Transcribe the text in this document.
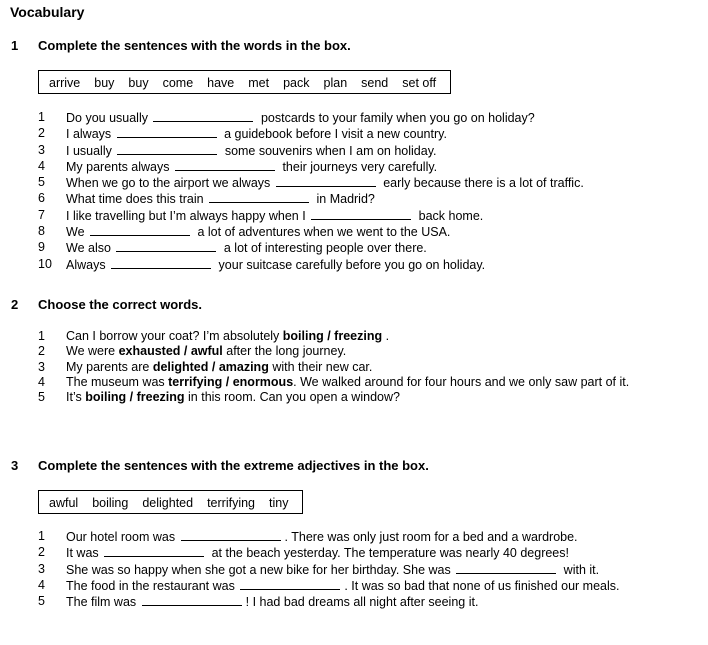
Vocabulary
1 Complete the sentences with the words in the box.
arrive buy buy come have met pack plan send set off
1	Do you usually	postcards to your family when you go on holiday?
2	I always	a guidebook before I visit a new country.
3	I usually	some souvenirs when I am on holiday.
4	My parents always	their journeys very carefully.
5	When we go to the airport we always	early because there is a lot of traffic.
6	What time does this train	in Madrid?
7	I like travelling but I’m always happy when I	back home.
8	We	a lot of adventures when we went to the USA.
9	We also	a lot of interesting people over there.
10	Always	your suitcase carefully before you go on holiday.
2 Choose the correct words.
1	Can I borrow your coat? I’m absolutely boiling / freezing .
2	We were exhausted / awful after the long journey.
3	My parents are delighted / amazing with their new car.
4	The museum was terrifying / enormous. We walked around for four hours and we only saw part of it.
5	It’s boiling / freezing in this room. Can you open a window?
3 Complete the sentences with the extreme adjectives in the box.
awful boiling delighted terrifying tiny
1	Our hotel room was	. There was only just room for a bed and a wardrobe.
2	It was	at the beach yesterday. The temperature was nearly 40 degrees!
3	She was so happy when she got a new bike for her birthday. She was	with it.
4	The food in the restaurant was	. It was so bad that none of us finished our meals.
5	The film was	! I had bad dreams all night after seeing it.
